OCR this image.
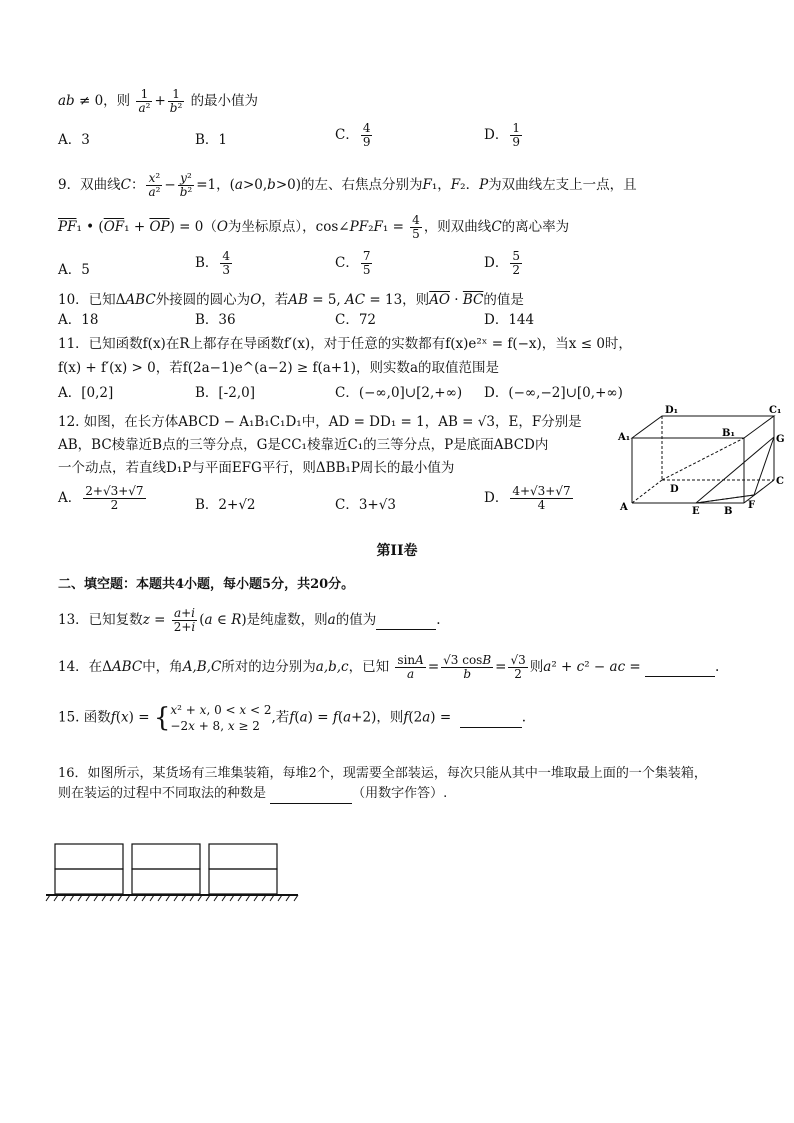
ab ≠ 0，则 $\frac{1}{\text{a²}} + \frac{1}{\text{b²}}$ 的最小值为
A．3	B．1	C． $\frac{4}{9}$	D． $\frac{1}{9}$
9．双曲线C： $\frac{\text{x²}}{\text{a²}} - \frac{\text{y²}}{\text{b²}} =1$，(a>0,b>0)的左、右焦点分别为F₁，F₂．P为双曲线左支上一点，且
$\overline{PF}_1$ • $(\overline{OF}_1 + \overline{OP}) = 0(O$为坐标原点），cos∠PF₂F₁ = $\frac{4}{5}$ ，则双曲线C的离心率为
A．5	B． $\frac{4}{3}$	C． $\frac{7}{5}$	D． $\frac{5}{2}$
10．已知ΔABC外接圆的圆心为O，若AB = 5, AC = 13，则$\overline{AO} \cdot \overline{BC}$的值是
A．18	B．36	C．72	D．144
11．已知函数f(x)在R上都存在导函数f′(x)，对于任意的实数都有f(x)e²ˣ = f(−x)，当x ≤ 0时，
f(x) + f′(x) > 0，若f(2a−1)e^(a−2) ≥ f(a+1)，则实数a的取值范围是
A．[0,2]	B．[-2,0]	C．(−∞,0]∪[2,+∞) D．(−∞,−2]∪[0,+∞)
12. 如图，在长方体ABCD − A₁B₁C₁D₁中，AD = DD₁ = 1，AB = √3，E，F分别是
AB，BC棱靠近B点的三等分点，G是CC₁棱靠近C₁的三等分点，P是底面ABCD内
一个动点，若直线D₁P与平面EFG平行，则ΔBB₁P周长的最小值为
A． $\frac{2+√3+√7}{2}$	B．2+√2	C．3+√3	D． $\frac{4+√3+√7}{4}$
D₁	C₁
A₁	B₁
G
C
D
A	E B
F
第II卷
二、填空题：本题共4小题，每小题5分，共20分。
13．已知复数$z = \frac{a+i}{2+i} (a$ ∈ R)是纯虚数，则a的值为	.
14．在ΔABC中，角A,B,C所对的边分别为a,b,c，已知 $\frac{\sin A}{a} = \frac{√3 \cos B}{b} = \frac{√3}{2}$ 则a² + c² − ac =	.
15. 函数f(x) = { x² + x, 0 < x < 2
−2x + 8, x ≥ 2
,若f(a) = f(a+2)，则f(2a) =	.
16．如图所示，某货场有三堆集装箱，每堆2个，现需要全部装运，每次只能从其中一堆取最上面的一个集装箱，
则在装运的过程中不同取法的种数是	（用数字作答）.
